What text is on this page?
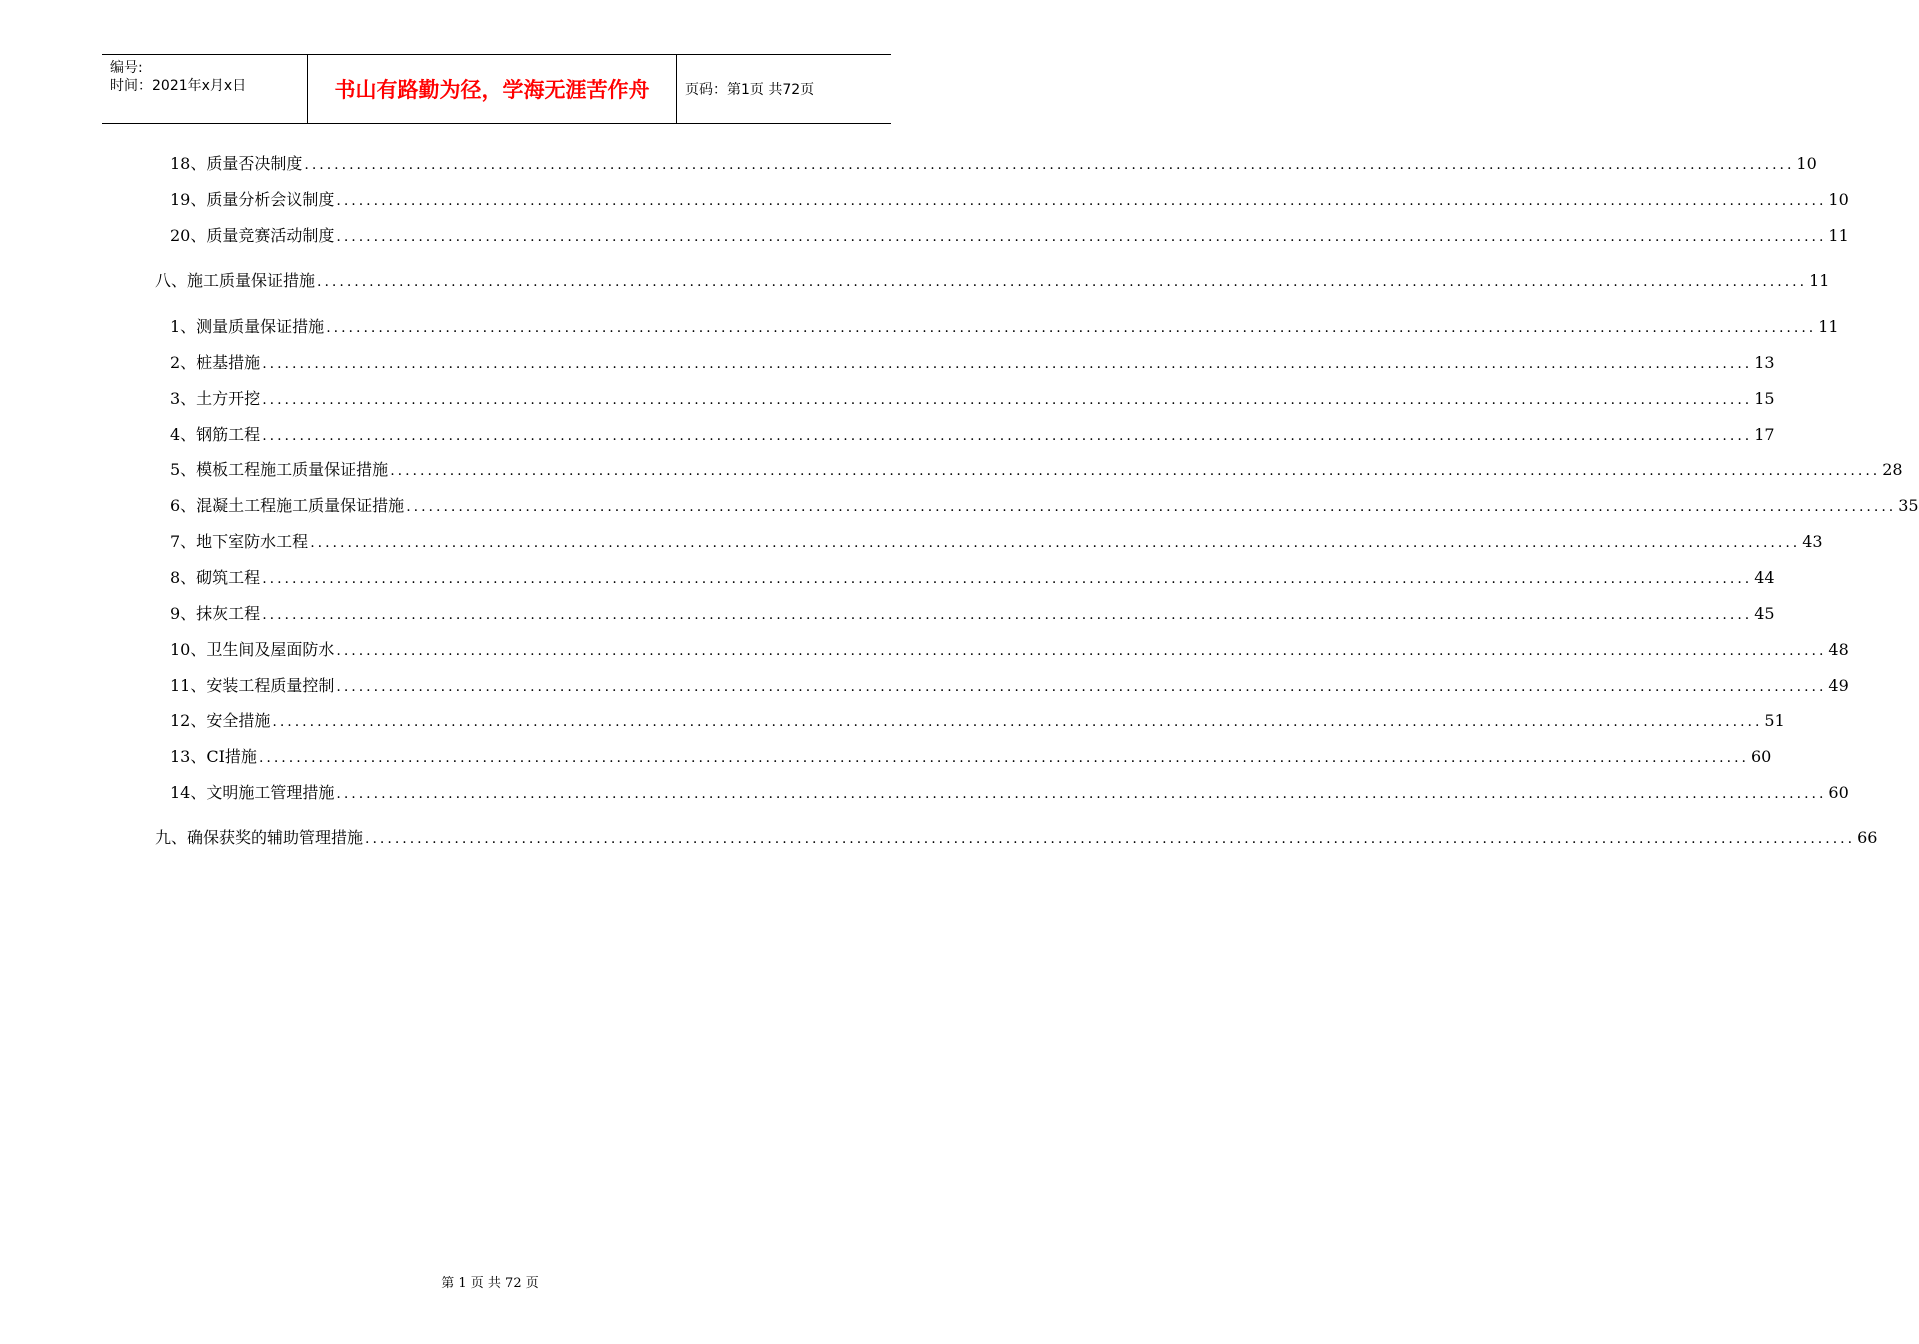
编号:
时间：2021年x月x日	书山有路勤为径，学海无涯苦作舟	页码：第1页 共72页
18、质量否决制度 ........................................................................................................................................................................................................ 10
19、质量分析会议制度 ........................................................................................................................................................................................................ 10
20、质量竞赛活动制度 ........................................................................................................................................................................................................ 11
八、施工质量保证措施 ........................................................................................................................................................................................................ 11
1、测量质量保证措施 ........................................................................................................................................................................................................ 11
2、桩基措施 ........................................................................................................................................................................................................ 13
3、土方开挖 ........................................................................................................................................................................................................ 15
4、钢筋工程 ........................................................................................................................................................................................................ 17
5、模板工程施工质量保证措施 ........................................................................................................................................................................................................ 28
6、混凝土工程施工质量保证措施 ........................................................................................................................................................................................................ 35
7、地下室防水工程 ........................................................................................................................................................................................................ 43
8、砌筑工程 ........................................................................................................................................................................................................ 44
9、抹灰工程 ........................................................................................................................................................................................................ 45
10、卫生间及屋面防水 ........................................................................................................................................................................................................ 48
11、安装工程质量控制 ........................................................................................................................................................................................................ 49
12、安全措施 ........................................................................................................................................................................................................ 51
13、CI措施 ........................................................................................................................................................................................................ 60
14、文明施工管理措施 ........................................................................................................................................................................................................ 60
九、确保获奖的辅助管理措施 ........................................................................................................................................................................................................ 66
第 1 页 共 72 页
